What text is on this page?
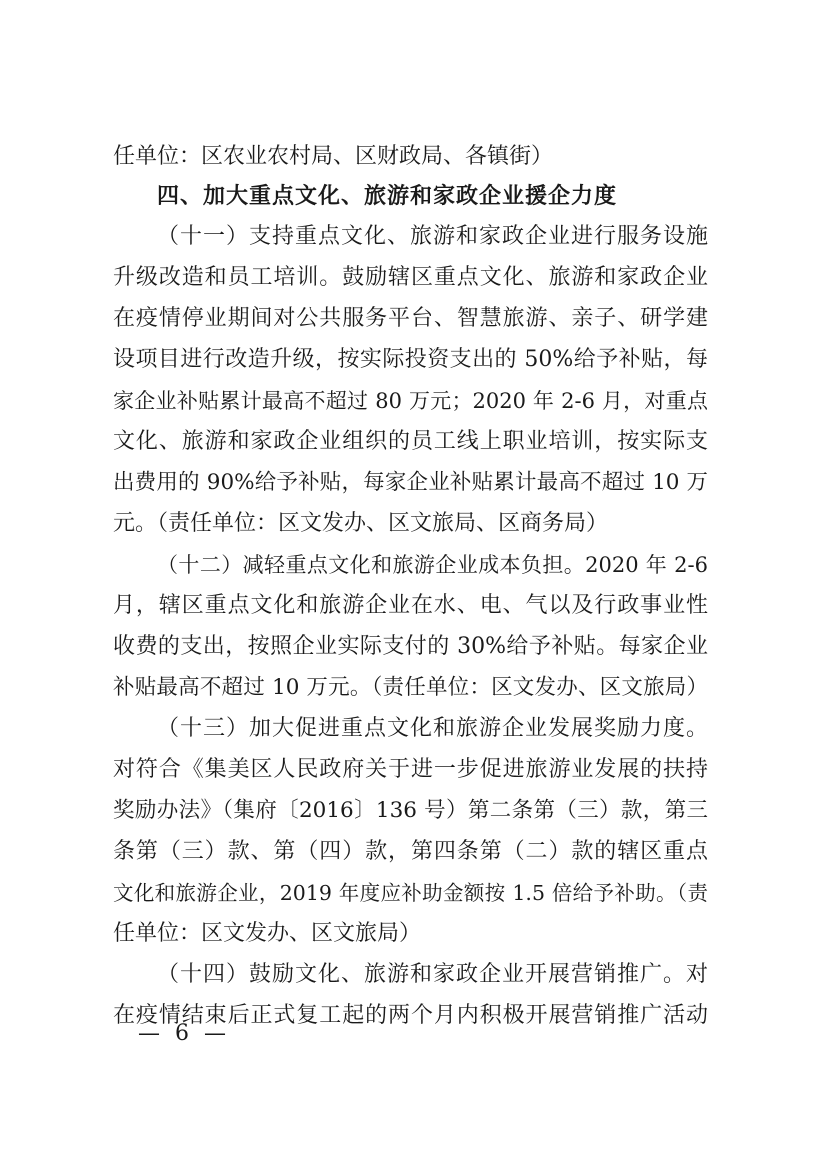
任单位：区农业农村局、区财政局、各镇街）
四、加大重点文化、旅游和家政企业援企力度
（十一）支持重点文化、旅游和家政企业进行服务设施
升级改造和员工培训。鼓励辖区重点文化、旅游和家政企业
在疫情停业期间对公共服务平台、智慧旅游、亲子、研学建
设项目进行改造升级，按实际投资支出的 50%给予补贴，每
家企业补贴累计最高不超过 80 万元；2020 年 2-6 月，对重点
文化、旅游和家政企业组织的员工线上职业培训，按实际支
出费用的 90%给予补贴，每家企业补贴累计最高不超过 10 万
元。（责任单位：区文发办、区文旅局、区商务局）
（十二）减轻重点文化和旅游企业成本负担。2020 年 2-6
月，辖区重点文化和旅游企业在水、电、气以及行政事业性
收费的支出，按照企业实际支付的 30%给予补贴。每家企业
补贴最高不超过 10 万元。（责任单位：区文发办、区文旅局）
（十三）加大促进重点文化和旅游企业发展奖励力度。
对符合《集美区人民政府关于进一步促进旅游业发展的扶持
奖励办法》（集府〔2016〕136 号）第二条第（三）款，第三
条第（三）款、第（四）款，第四条第（二）款的辖区重点
文化和旅游企业，2019 年度应补助金额按 1.5 倍给予补助。（责
任单位：区文发办、区文旅局）
（十四）鼓励文化、旅游和家政企业开展营销推广。对
在疫情结束后正式复工起的两个月内积极开展营销推广活动
— 6 —
